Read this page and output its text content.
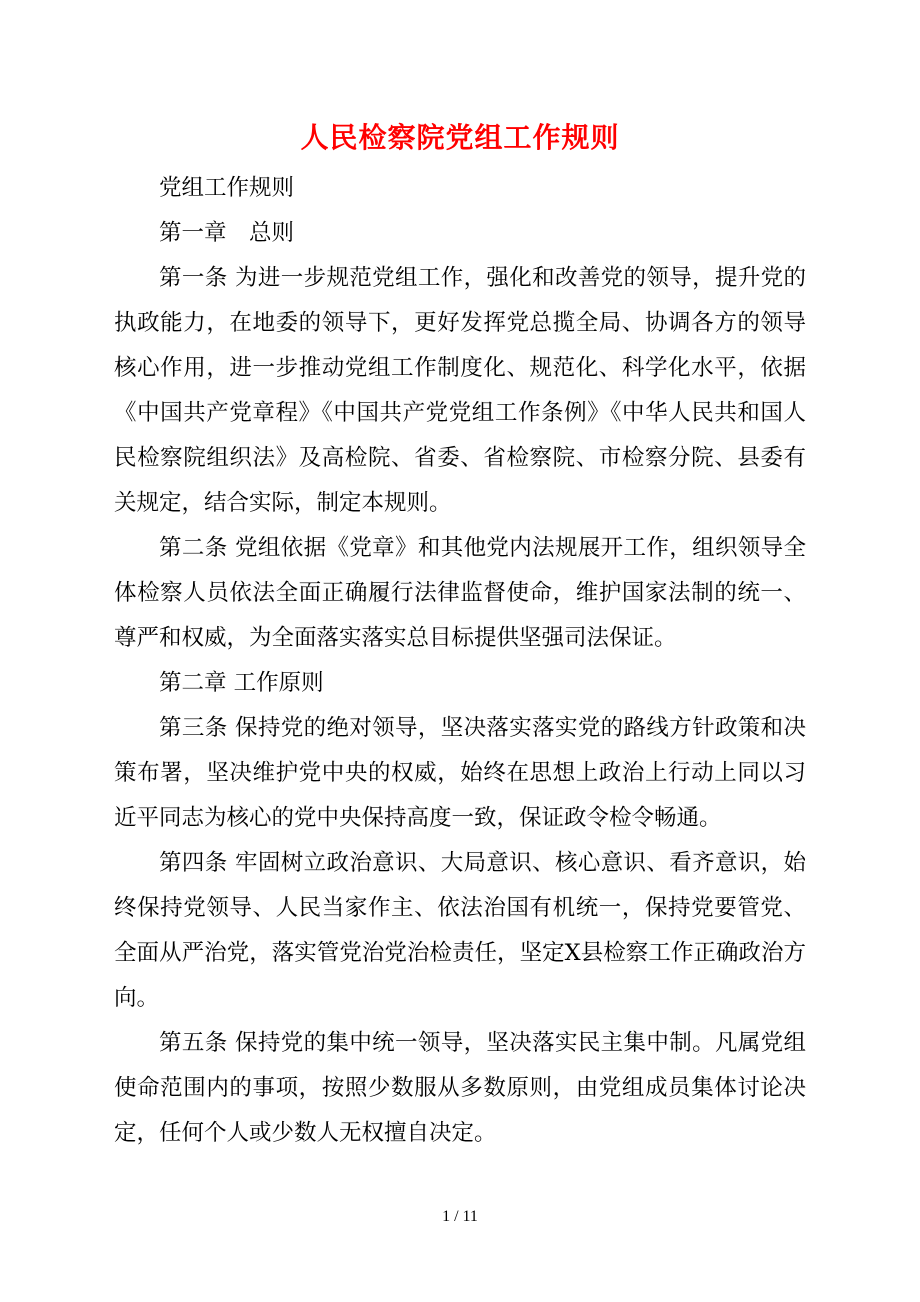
人民检察院党组工作规则

党组工作规则

第一章　总则

第一条 为进一步规范党组工作，强化和改善党的领导，提升党的执政能力，在地委的领导下，更好发挥党总揽全局、协调各方的领导核心作用，进一步推动党组工作制度化、规范化、科学化水平，依据《中国共产党章程》《中国共产党党组工作条例》《中华人民共和国人民检察院组织法》及高检院、省委、省检察院、市检察分院、县委有关规定，结合实际，制定本规则。

第二条 党组依据《党章》和其他党内法规展开工作，组织领导全体检察人员依法全面正确履行法律监督使命，维护国家法制的统一、尊严和权威，为全面落实落实总目标提供坚强司法保证。

第二章 工作原则

第三条 保持党的绝对领导，坚决落实落实党的路线方针政策和决策布署，坚决维护党中央的权威，始终在思想上政治上行动上同以习近平同志为核心的党中央保持高度一致，保证政令检令畅通。

第四条 牢固树立政治意识、大局意识、核心意识、看齐意识，始终保持党领导、人民当家作主、依法治国有机统一，保持党要管党、全面从严治党，落实管党治党治检责任，坚定X县检察工作正确政治方向。

第五条 保持党的集中统一领导，坚决落实民主集中制。凡属党组使命范围内的事项，按照少数服从多数原则，由党组成员集体讨论决定，任何个人或少数人无权擅自决定。

1 / 11
